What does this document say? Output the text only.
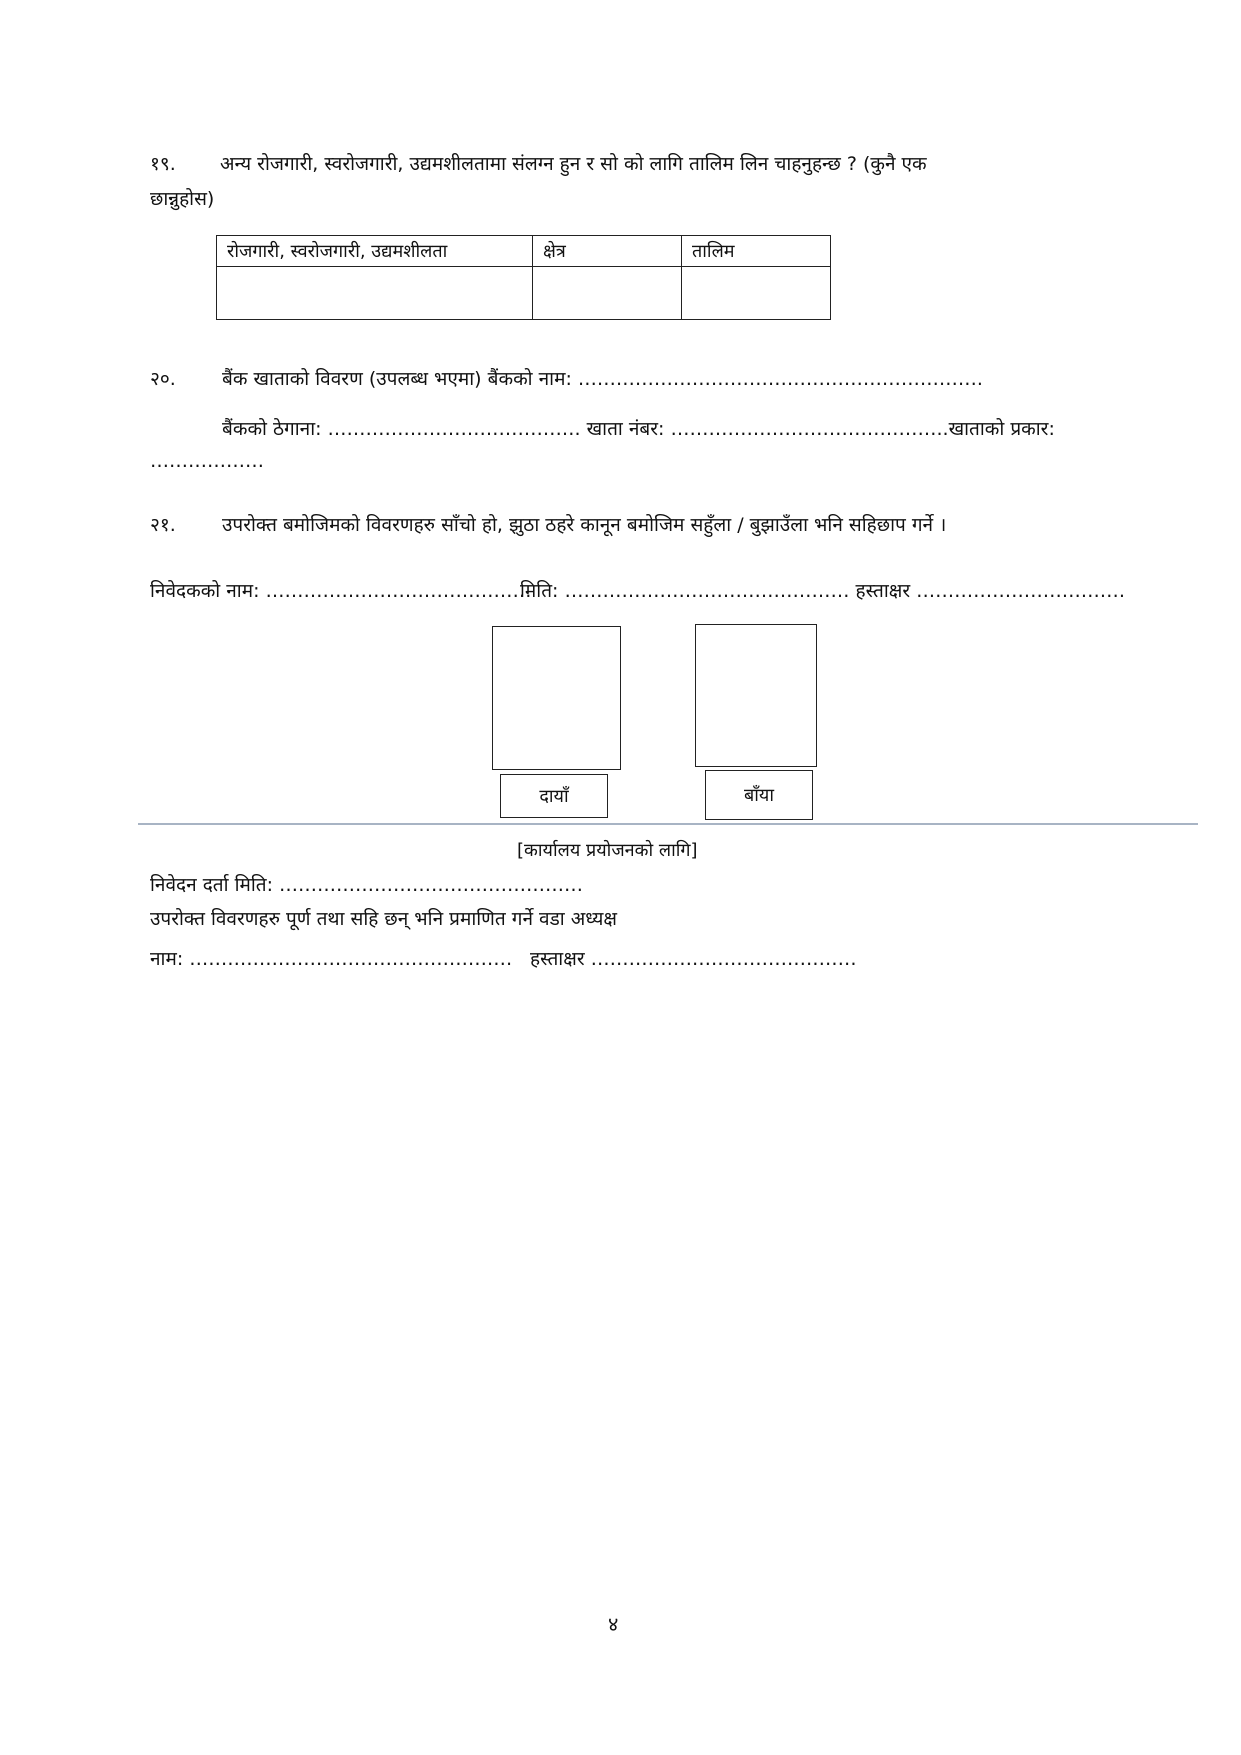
१९.	अन्य रोजगारी, स्वरोजगारी, उद्यमशीलतामा संलग्न हुन र सो को लागि तालिम लिन चाहनुहन्छ ? (कुनै एक
छान्नुहोस)
रोजगारी, स्वरोजगारी, उद्यमशीलता	क्षेत्र	तालिम

२०.	बैंक खाताको विवरण (उपलब्ध भएमा) बैंकको नाम: ……………………………………………………….
बैंकको ठेगाना: …………………………………. खाता नंबर: ……………………………………..खाताको प्रकार:
………………
२१.	उपरोक्त बमोजिमको विवरणहरु साँचो हो, झुठा ठहरे कानून बमोजिम सहुँला / बुझाउँला भनि सहिछाप गर्ने ।
निवेदकको नाम: ……………………………………
मिति: ……………………………………… हस्ताक्षर ……………………………
दायाँ	बाँया
[कार्यालय प्रयोजनको लागि]
निवेदन दर्ता मिति: …………………………………………
उपरोक्त विवरणहरु पूर्ण तथा सहि छन् भनि प्रमाणित गर्ने वडा अध्यक्ष
नाम: …………………………………………… हस्ताक्षर ……………………………………
४
